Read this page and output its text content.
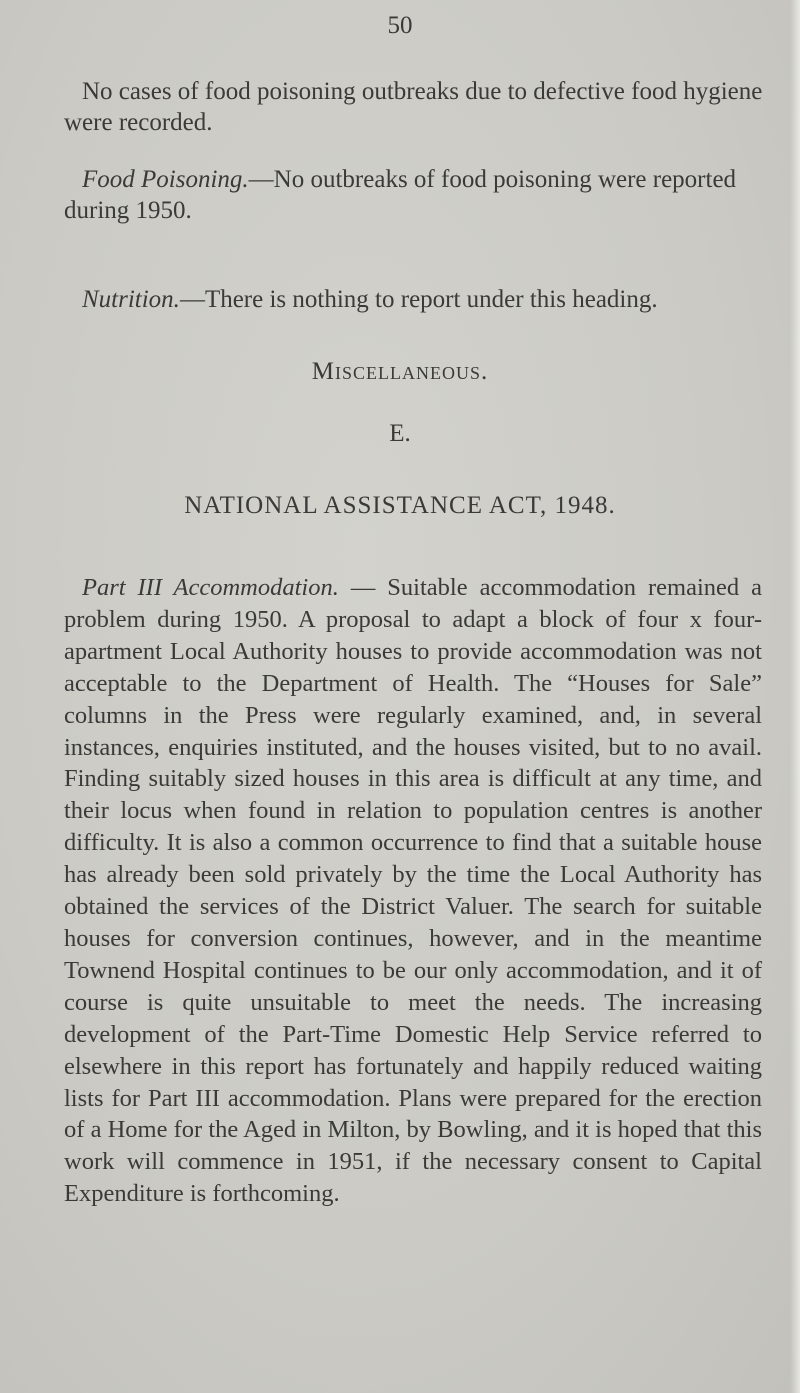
50

No cases of food poisoning outbreaks due to defective food hygiene were recorded.

Food Poisoning.—No outbreaks of food poisoning were reported during 1950.

Nutrition.—There is nothing to report under this heading.

Miscellaneous.
E.
NATIONAL ASSISTANCE ACT, 1948.

Part III Accommodation. — Suitable accommodation remained a problem during 1950. A proposal to adapt a block of four x four-apartment Local Authority houses to provide accommodation was not acceptable to the Department of Health. The “Houses for Sale” columns in the Press were regularly examined, and, in several instances, enquiries instituted, and the houses visited, but to no avail. Finding suitably sized houses in this area is difficult at any time, and their locus when found in relation to population centres is another difficulty. It is also a common occurrence to find that a suitable house has already been sold privately by the time the Local Authority has obtained the services of the District Valuer. The search for suitable houses for conversion continues, however, and in the meantime Townend Hospital continues to be our only accommodation, and it of course is quite unsuitable to meet the needs. The increasing development of the Part-Time Domestic Help Service referred to elsewhere in this report has fortunately and happily reduced waiting lists for Part III accommodation. Plans were prepared for the erection of a Home for the Aged in Milton, by Bowling, and it is hoped that this work will commence in 1951, if the necessary consent to Capital Expenditure is forthcoming.
